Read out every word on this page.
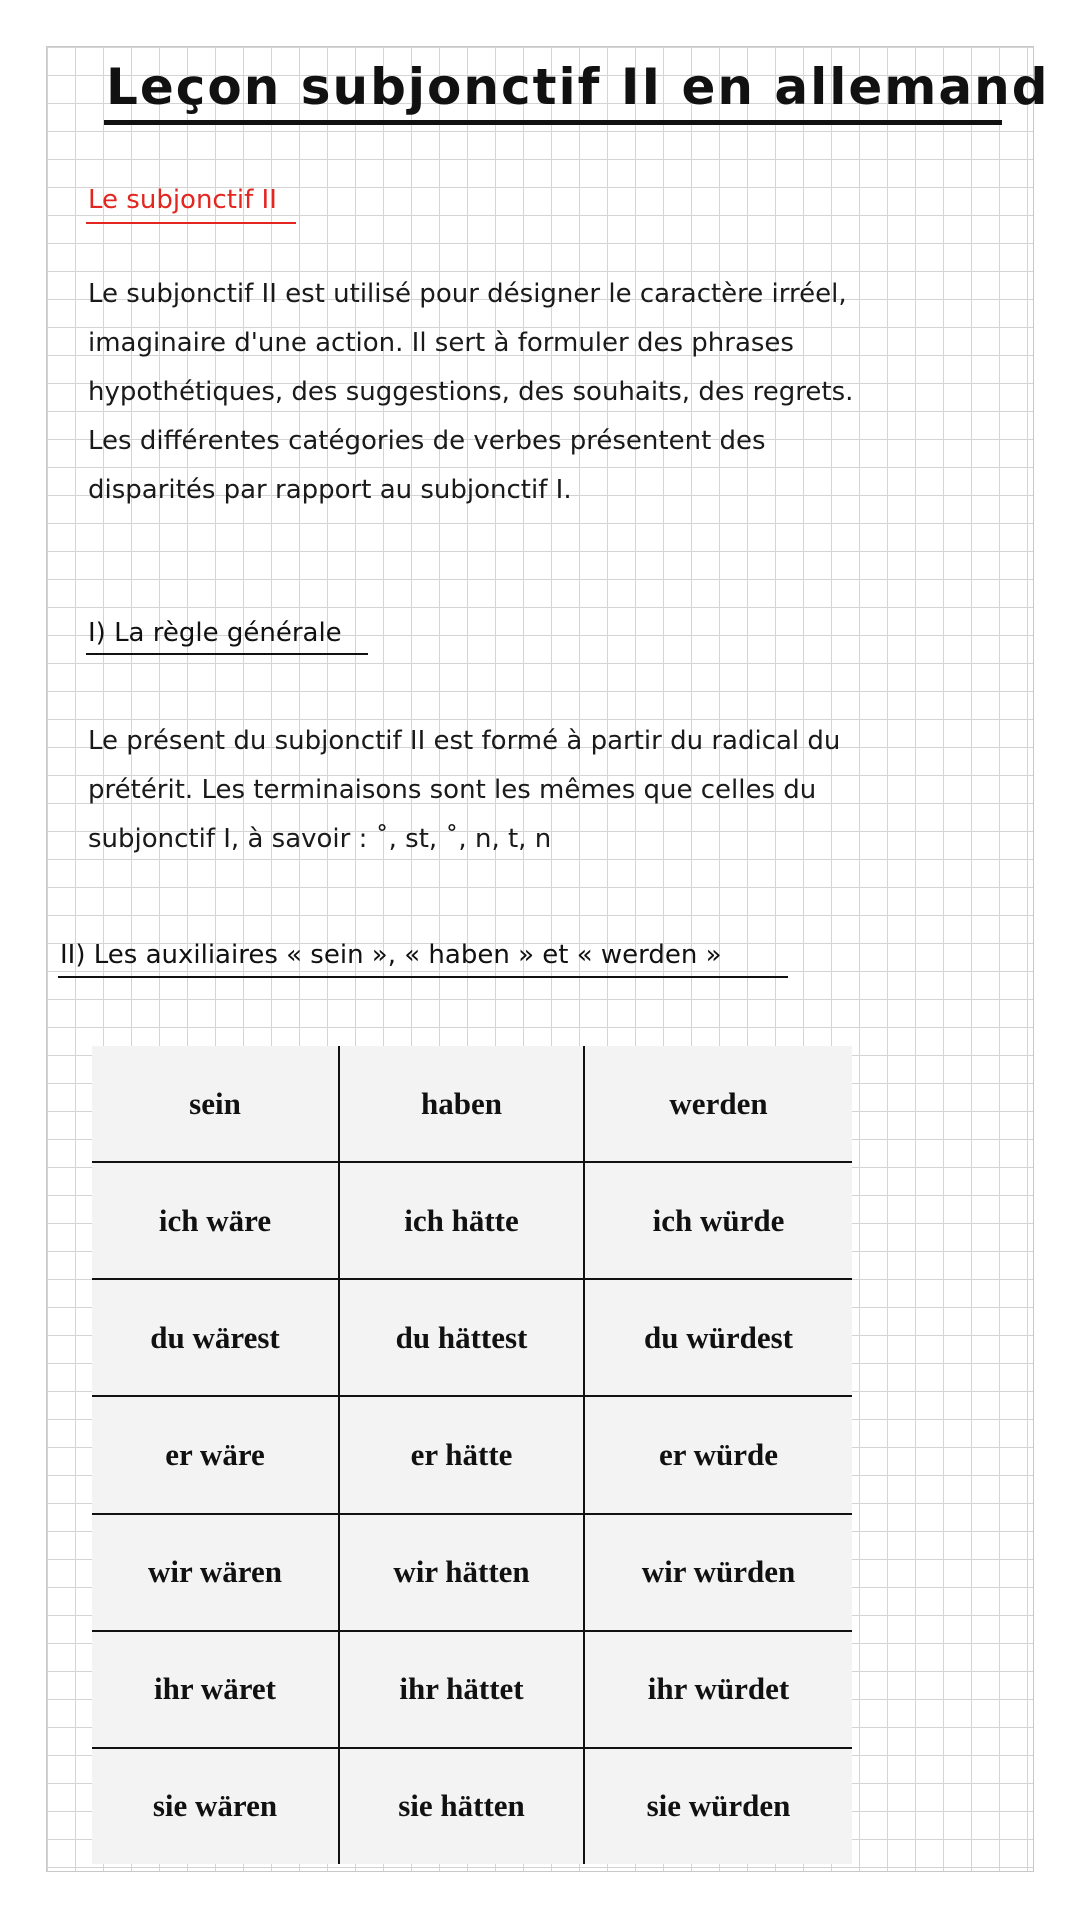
Leçon subjonctif II en allemand
Le subjonctif II

Le subjonctif II est utilisé pour désigner le caractère irréel,
imaginaire d'une action. Il sert à formuler des phrases
hypothétiques, des suggestions, des souhaits, des regrets.
Les différentes catégories de verbes présentent des
disparités par rapport au subjonctif I.

I) La règle générale

Le présent du subjonctif II est formé à partir du radical du
prétérit. Les terminaisons sont les mêmes que celles du
subjonctif I, à savoir : ˚, st, ˚, n, t, n

II) Les auxiliaires « sein », « haben » et « werden »
sein	haben	werden
ich wäre	ich hätte	ich würde
du wärest	du hättest	du würdest
er wäre	er hätte	er würde
wir wären	wir hätten	wir würden
ihr wäret	ihr hättet	ihr würdet
sie wären	sie hätten	sie würden
